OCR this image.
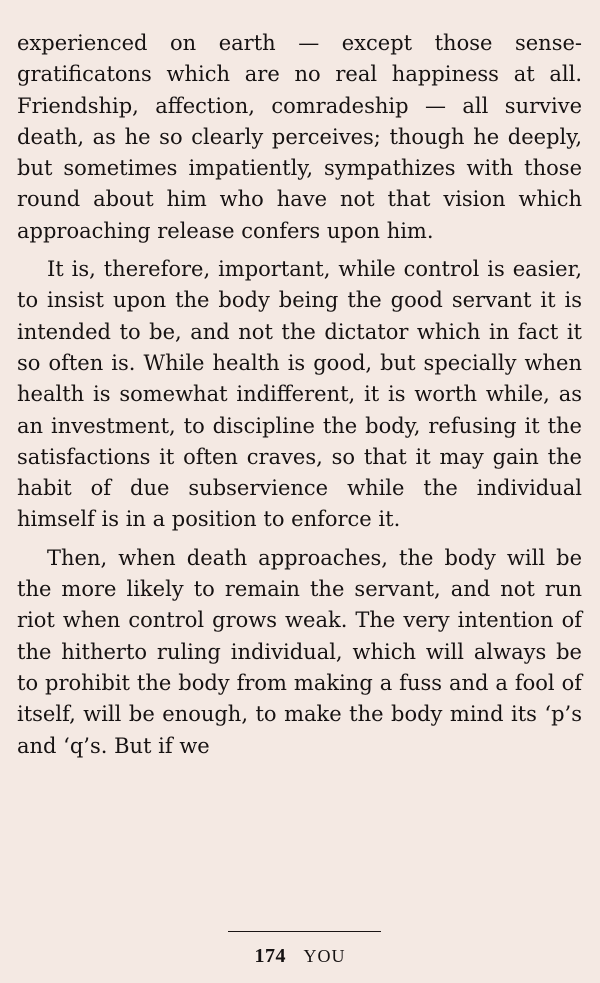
experienced on earth — except those sense-gratificatons which are no real happiness at all. Friendship, affection, comradeship — all survive death, as he so clearly perceives; though he deeply, but sometimes impatiently, sympathizes with those round about him who have not that vision which approaching release confers upon him.

It is, therefore, important, while control is easier, to insist upon the body being the good servant it is intended to be, and not the dictator which in fact it so often is. While health is good, but specially when health is somewhat indifferent, it is worth while, as an investment, to discipline the body, refusing it the satisfactions it often craves, so that it may gain the habit of due subservience while the individual himself is in a position to enforce it.

Then, when death approaches, the body will be the more likely to remain the servant, and not run riot when control grows weak. The very intention of the hitherto ruling individual, which will always be to prohibit the body from making a fuss and a fool of itself, will be enough, to make the body mind its ‘p’s and ‘q’s. But if we

174 YOU
